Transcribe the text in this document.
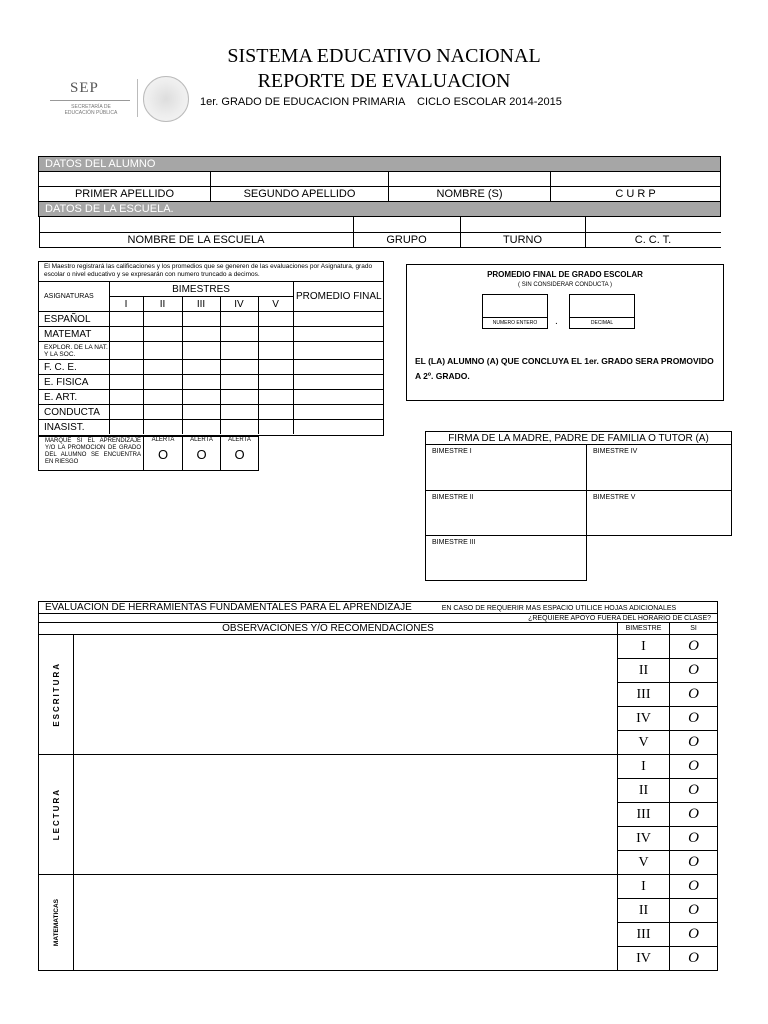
SEP
SECRETARÍA DE EDUCACIÓN PÚBLICA
SISTEMA EDUCATIVO NACIONAL
REPORTE DE EVALUACION
1er. GRADO DE EDUCACION PRIMARIA CICLO ESCOLAR 2014-2015
DATOS DEL ALUMNO

PRIMER APELLIDO	SEGUNDO APELLIDO	NOMBRE (S)	C U R P
DATOS DE LA ESCUELA.

NOMBRE DE LA ESCUELA	GRUPO	TURNO	C. C. T.
El Maestro registrará las calificaciones y los promedios que se generen de las evaluaciones por Asignatura, grado escolar o nivel educativo y se expresarán con numero truncado a decimos.
ASIGNATURAS	BIMESTRES					PROMEDIO FINAL
	I	II	III	IV	V	
ESPAÑOL						
MATEMAT						
EXPLOR. DE LA NAT. Y LA SOC.						
F. C. E.						
E. FISICA						
E. ART.						
CONDUCTA						
INASIST.						
MARQUE SI EL APRENDIZAJE Y/O LA PROMOCION DE GRADO DEL ALUMNO SE ENCUENTRA EN RIESGO	
ALERTA
O

ALERTA
O

ALERTA
O
PROMEDIO FINAL DE GRADO ESCOLAR
( SIN CONSIDERAR CONDUCTA )
NUMERO ENTERO	.	DECIMAL
EL (LA) ALUMNO (A) QUE CONCLUYA EL 1er. GRADO SERA PROMOVIDO A 2º. GRADO.
FIRMA DE LA MADRE, PADRE DE FAMILIA O TUTOR (A)	
BIMESTRE I	BIMESTRE IV
BIMESTRE II	BIMESTRE V
BIMESTRE III	
EVALUACION DE HERRAMIENTAS FUNDAMENTALES PARA EL APRENDIZAJE EN CASO DE REQUERIR MAS ESPACIO UTILICE HOJAS ADICIONALES			
¿REQUIERE APOYO FUERA DEL HORARIO DE CLASE?			
OBSERVACIONES Y/O RECOMENDACIONES		BIMESTRE	SI

ESCRITURA		I	O
		II	O
		III	O
		IV	O
		V	O

LECTURA		I	O
		II	O
		III	O
		IV	O
		V	O

MATEMATICAS		I	O
		II	O
		III	O
		IV	O
